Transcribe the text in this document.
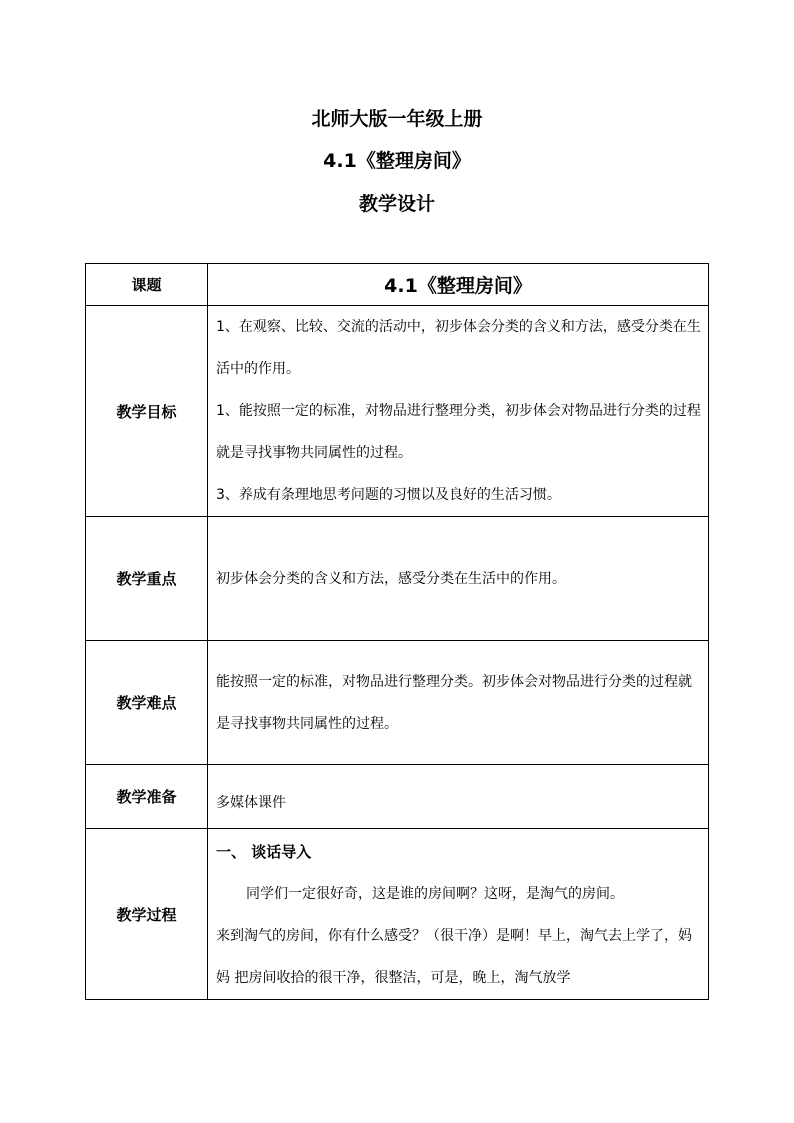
北师大版一年级上册
4.1《整理房间》
教学设计
课题	4.1《整理房间》
教学目标	1、在观察、比较、交流的活动中，初步体会分类的含义和方法，感受分类在生活中的作用。

1、能按照一定的标准，对物品进行整理分类，初步体会对物品进行分类的过程就是寻找事物共同属性的过程。

3、养成有条理地思考问题的习惯以及良好的生活习惯。

教学重点	初步体会分类的含义和方法，感受分类在生活中的作用。
教学难点	能按照一定的标准，对物品进行整理分类。初步体会对物品进行分类的过程就是寻找事物共同属性的过程。
教学准备	多媒体课件
教学过程	一、 谈话导入

同学们一定很好奇，这是谁的房间啊？这呀，是淘气的房间。

来到淘气的房间，你有什么感受？（很干净）是啊！早上，淘气去上学了，妈妈 把房间收拾的很干净，很整洁，可是，晚上，淘气放学
